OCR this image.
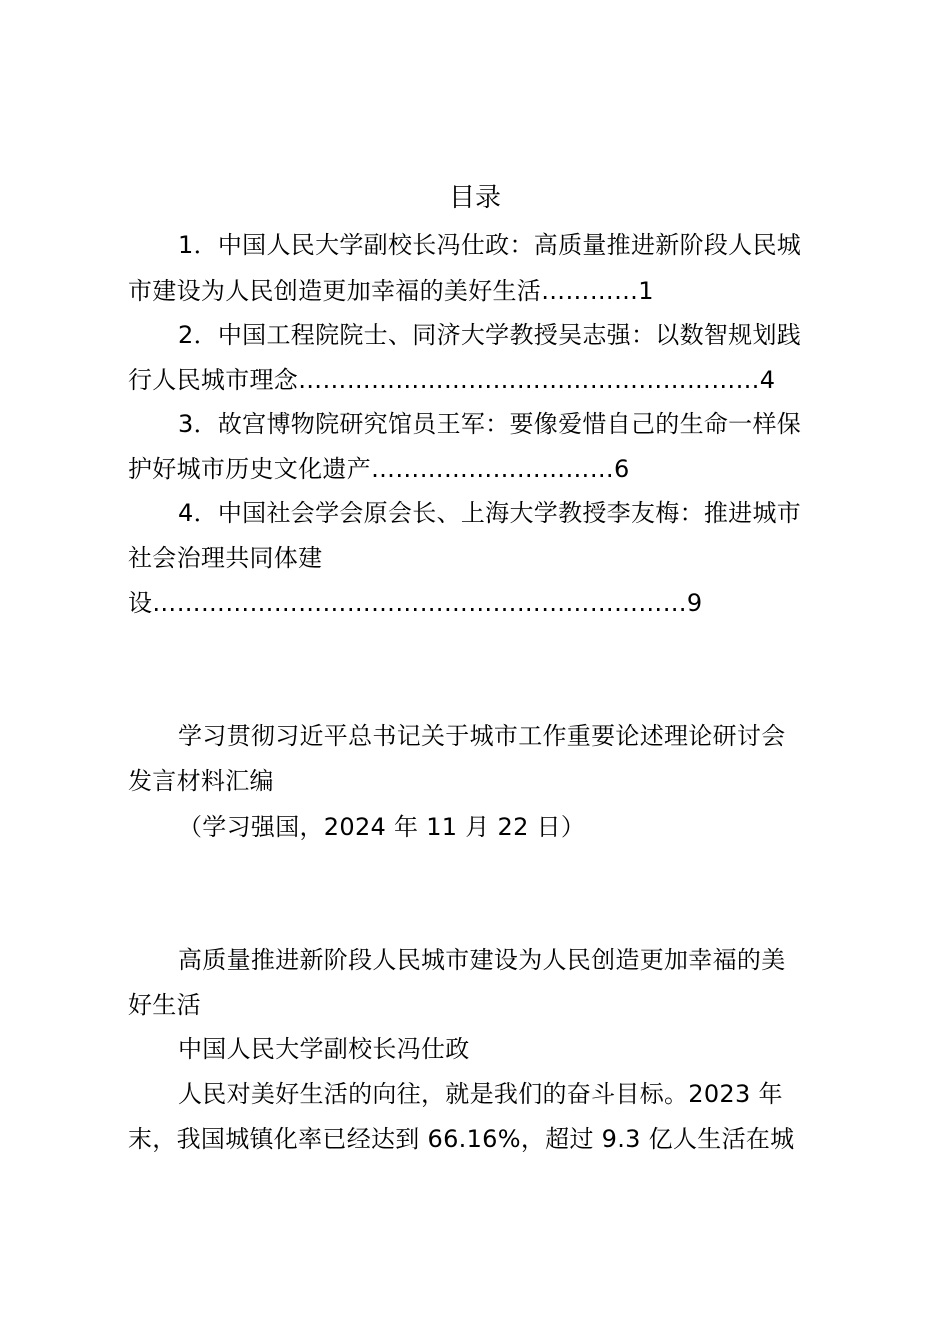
目录
1．中国人民大学副校长冯仕政：高质量推进新阶段人民城
市建设为人民创造更加幸福的美好生活…………1
2．中国工程院院士、同济大学教授吴志强：以数智规划践
行人民城市理念…………………………………………………4
3．故宫博物院研究馆员王军：要像爱惜自己的生命一样保
护好城市历史文化遗产…………………………6
4．中国社会学会原会长、上海大学教授李友梅：推进城市
社会治理共同体建
设…………………………………………………………9
学习贯彻习近平总书记关于城市工作重要论述理论研讨会
发言材料汇编
（学习强国，2024 年 11 月 22 日）
高质量推进新阶段人民城市建设为人民创造更加幸福的美
好生活
中国人民大学副校长冯仕政
人民对美好生活的向往，就是我们的奋斗目标。2023 年
末，我国城镇化率已经达到 66.16%，超过 9.3 亿人生活在城
